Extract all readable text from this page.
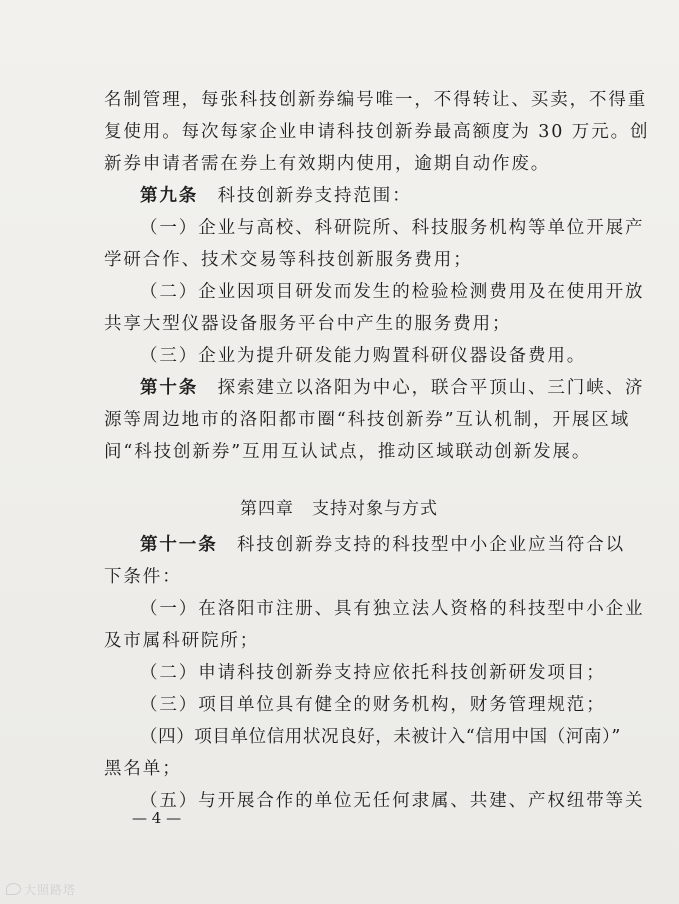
名制管理，每张科技创新券编号唯一，不得转让、买卖，不得重
复使用。每次每家企业申请科技创新券最高额度为 30 万元。创
新券申请者需在券上有效期内使用，逾期自动作废。
第九条　科技创新券支持范围：
（一）企业与高校、科研院所、科技服务机构等单位开展产
学研合作、技术交易等科技创新服务费用；
（二）企业因项目研发而发生的检验检测费用及在使用开放
共享大型仪器设备服务平台中产生的服务费用；
（三）企业为提升研发能力购置科研仪器设备费用。
第十条　探索建立以洛阳为中心，联合平顶山、三门峡、济
源等周边地市的洛阳都市圈“科技创新券”互认机制，开展区域
间“科技创新券”互用互认试点，推动区域联动创新发展。
第四章　支持对象与方式
第十一条　科技创新券支持的科技型中小企业应当符合以
下条件：
（一）在洛阳市注册、具有独立法人资格的科技型中小企业
及市属科研院所；
（二）申请科技创新券支持应依托科技创新研发项目；
（三）项目单位具有健全的财务机构，财务管理规范；
（四）项目单位信用状况良好，未被计入“信用中国（河南）”
黑名单；
（五）与开展合作的单位无任何隶属、共建、产权纽带等关
— 4 —
大照路塔
